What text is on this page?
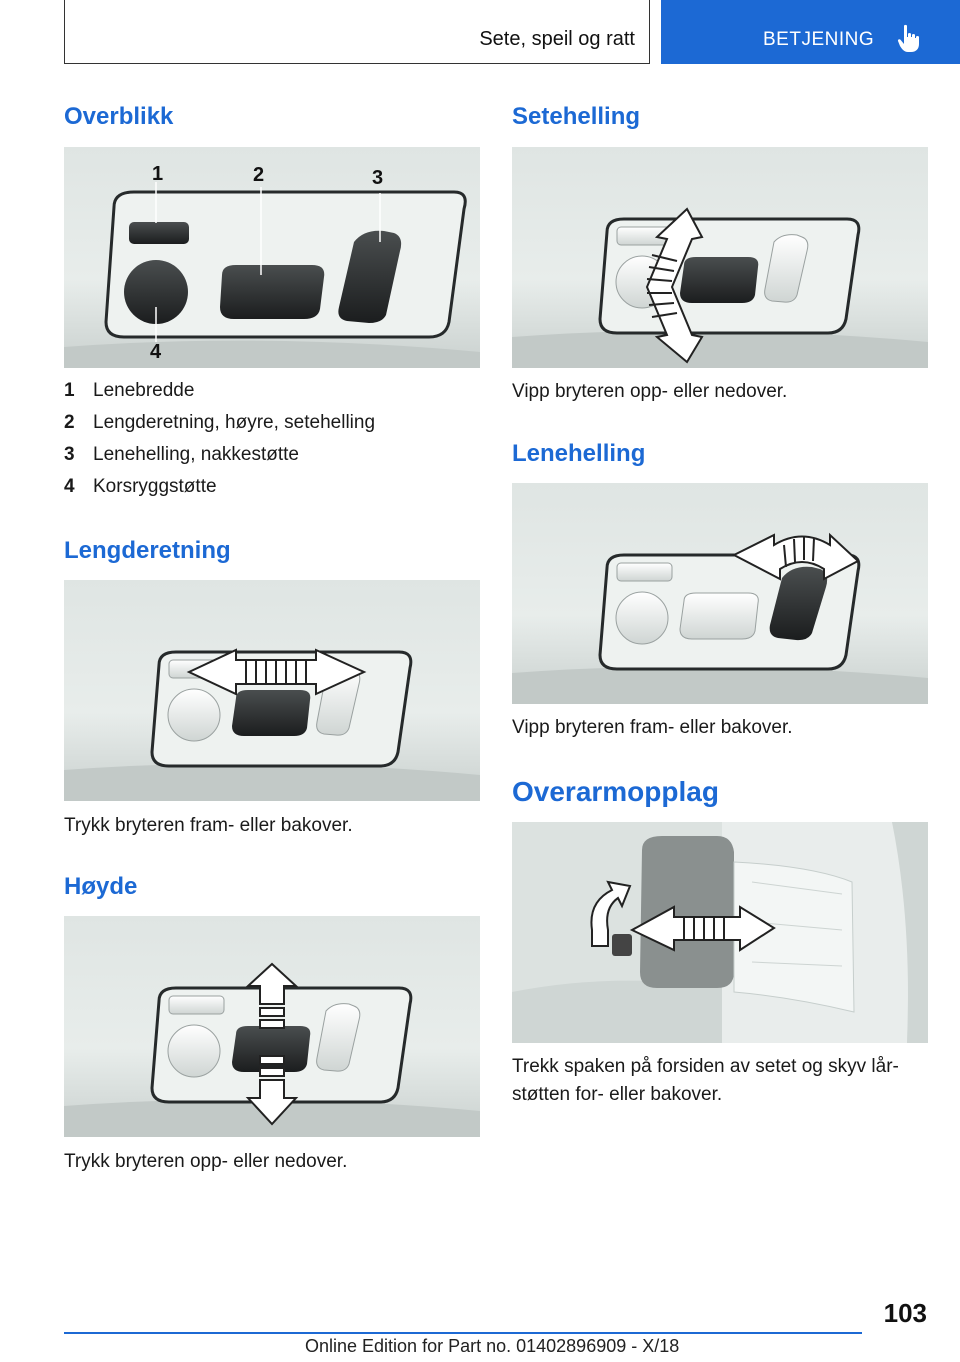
Sete, speil og ratt	BETJENING
Overblikk
1	2	3
4
1 Lenebredde
2 Lengderetning, høyre, setehelling
3 Lenehelling, nakkestøtte
4 Korsryggstøtte
Lengderetning
Trykk bryteren fram- eller bakover.
Høyde
Trykk bryteren opp- eller nedover.
Setehelling
Vipp bryteren opp- eller nedover.
Lenehelling
Vipp bryteren fram- eller bakover.
Overarmopplag
Trekk spaken på forsiden av setet og skyv lår-
støtten for- eller bakover.
103
Online Edition for Part no. 01402896909 - X/18
